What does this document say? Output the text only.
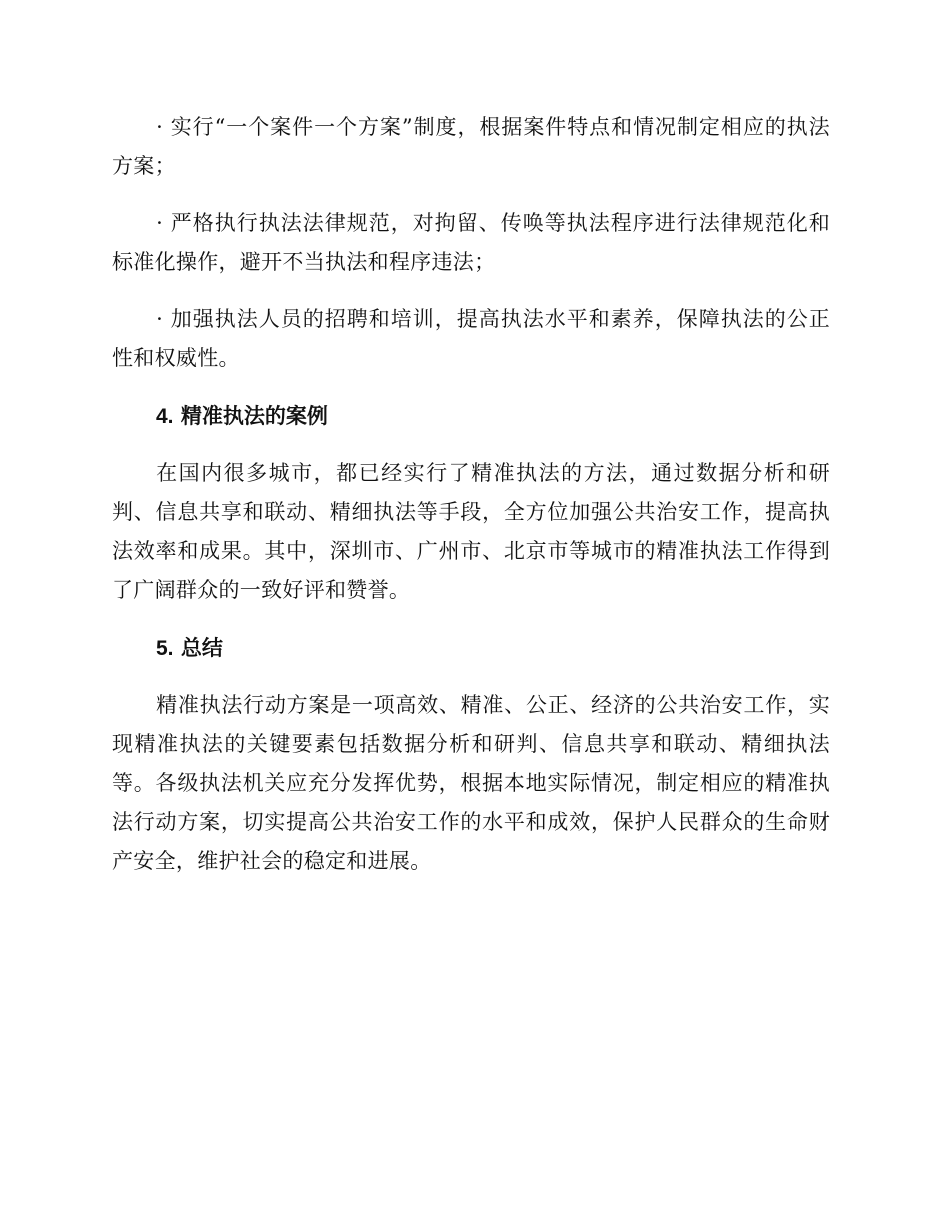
· 实行“一个案件一个方案”制度，根据案件特点和情况制定相应的执法方案；

· 严格执行执法法律规范，对拘留、传唤等执法程序进行法律规范化和标准化操作，避开不当执法和程序违法；

· 加强执法人员的招聘和培训，提高执法水平和素养，保障执法的公正性和权威性。

4. 精准执法的案例

在国内很多城市，都已经实行了精准执法的方法，通过数据分析和研判、信息共享和联动、精细执法等手段，全方位加强公共治安工作，提高执法效率和成果。其中，深圳市、广州市、北京市等城市的精准执法工作得到了广阔群众的一致好评和赞誉。

5. 总结

精准执法行动方案是一项高效、精准、公正、经济的公共治安工作，实现精准执法的关键要素包括数据分析和研判、信息共享和联动、精细执法等。各级执法机关应充分发挥优势，根据本地实际情况，制定相应的精准执法行动方案，切实提高公共治安工作的水平和成效，保护人民群众的生命财产安全，维护社会的稳定和进展。
